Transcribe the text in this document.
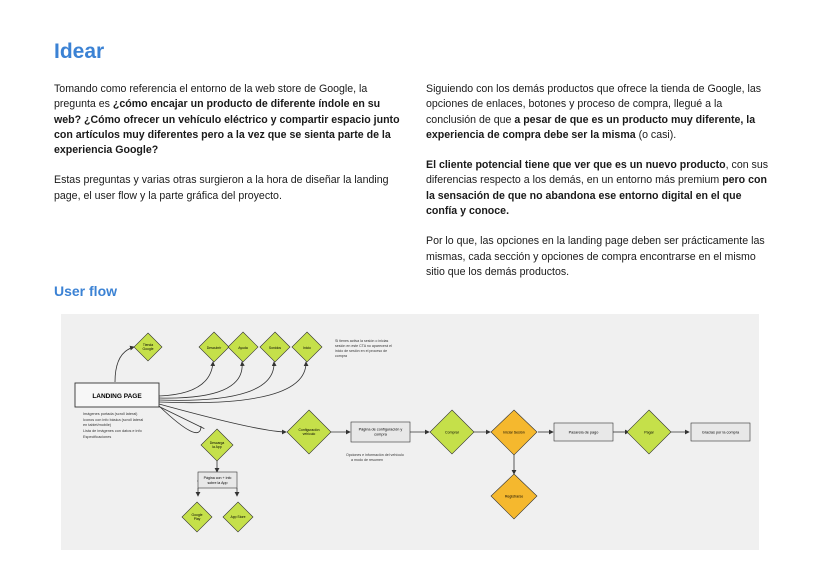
Idear

Tomando como referencia el entorno de la web store de Google, la pregunta es ¿cómo encajar un producto de diferente índole en su web? ¿Cómo ofrecer un vehículo eléctrico y compartir espacio junto con artículos muy diferentes pero a la vez que se sienta parte de la experiencia Google?

Estas preguntas y varias otras surgieron a la hora de diseñar la landing page, el user flow y la parte gráfica del proyecto.

Siguiendo con los demás productos que ofrece la tienda de Google, las opciones de enlaces, botones y proceso de compra, llegué a la conclusión de que a pesar de que es un producto muy diferente, la experiencia de compra debe ser la misma (o casi).

El cliente potencial tiene que ver que es un nuevo producto, con sus diferencias respecto a los demás, en un entorno más premium pero con la sensación de que no abandona ese entorno digital en el que confía y conoce.

Por lo que, las opciones en la landing page deben ser prácticamente las mismas, cada sección y opciones de compra encontrarse en el mismo sitio que los demás productos.

User flow
LANDING PAGE
Imágenes portada (scroll lateral)
Iconos con info básica (scroll lateral
en tablet/mobile)
Lista de imágenes con datos e info
Especificaciones
Tienda
Google	Descubrir	Ayuda	Sonidos	Inicio
Si tienes activa la sesión o inicias
sesión en este CTA no aparecerá el
inicio de sesión en el proceso de
compra
Configuración
vehículo
Página de configuración y
compra
Opciones e información del vehículo
a modo de resumen
Comprar	Iniciar Sesión
Registrarse
Pasarela de pago	Pagar	Gracias por la compra
Descarga
la App
Página con + info
sobre la App
Google
Play	App Store
